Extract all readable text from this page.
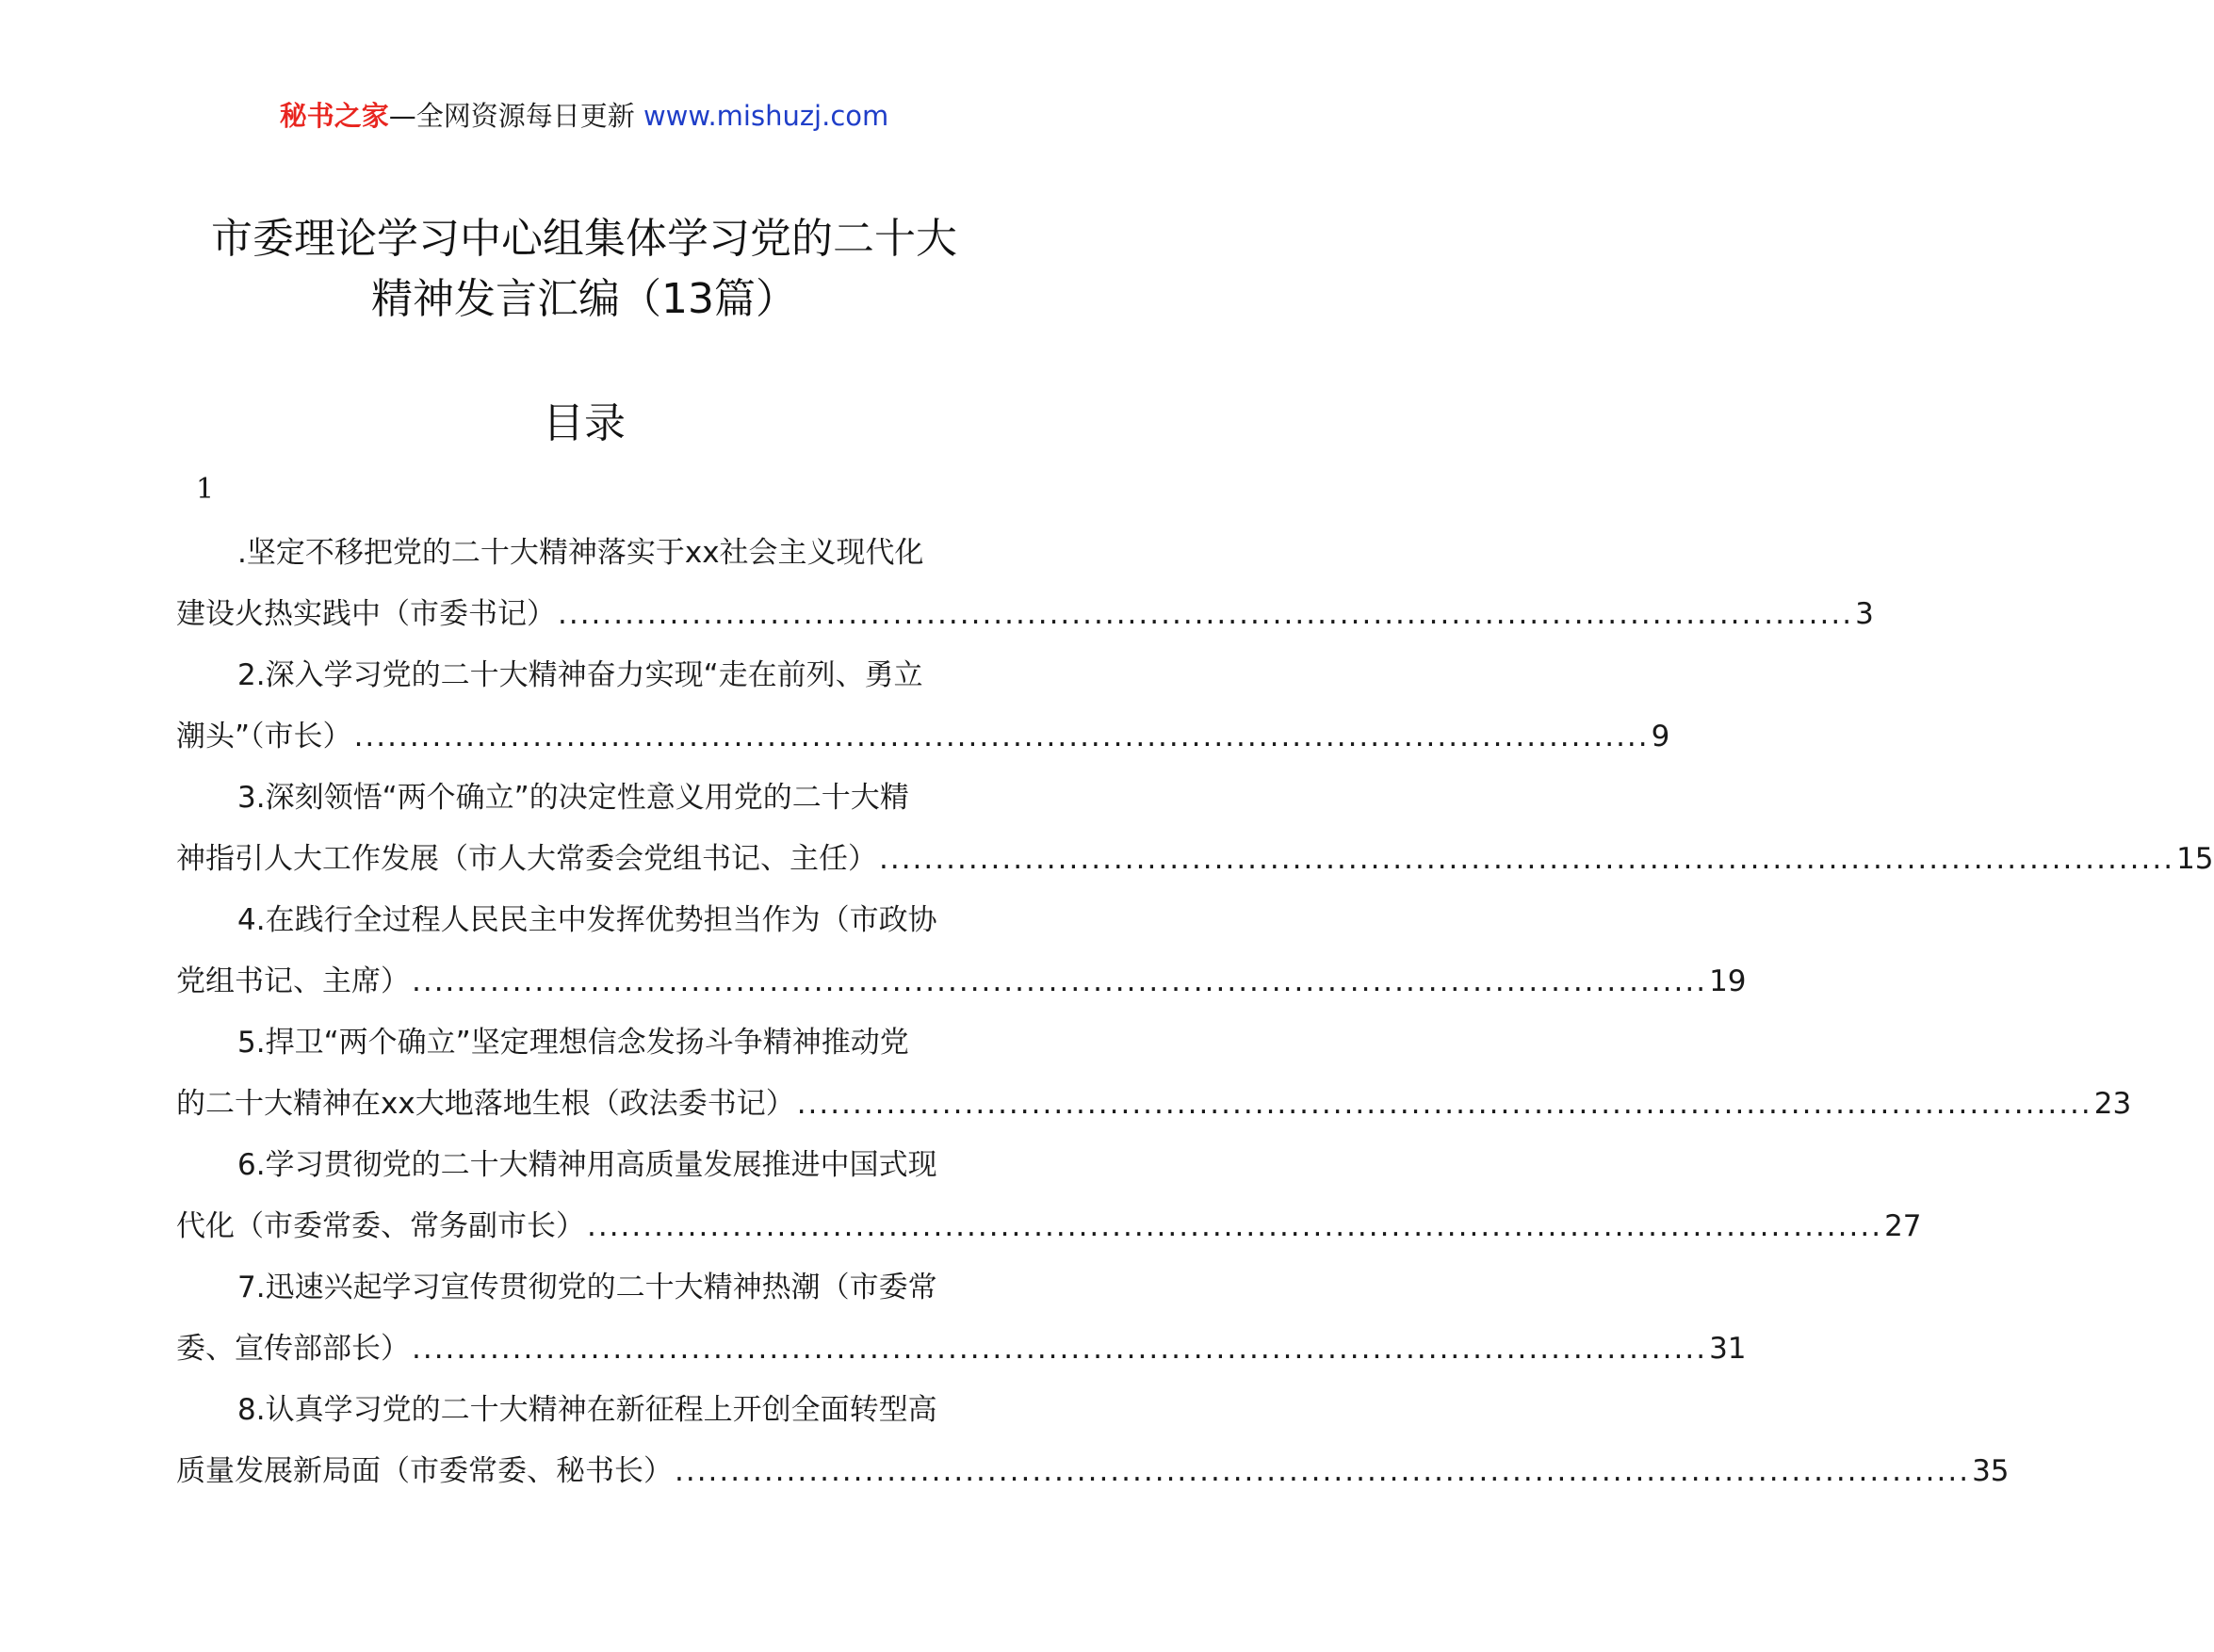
秘书之家—全网资源每日更新 www.mishuzj.com
市委理论学习中心组集体学习党的二十大
精神发言汇编（13篇）
目录
1
.坚定不移把党的二十大精神落实于xx社会主义现代化
建设火热实践中（市委书记） .................................................................................................................... 3
2.深入学习党的二十大精神奋力实现“走在前列、勇立
潮头”（市长） .................................................................................................................... 9
3.深刻领悟“两个确立”的决定性意义用党的二十大精
神指引人大工作发展（市人大常委会党组书记、主任） .................................................................................................................... 15
4.在践行全过程人民民主中发挥优势担当作为（市政协
党组书记、主席） .................................................................................................................... 19
5.捍卫“两个确立”坚定理想信念发扬斗争精神推动党
的二十大精神在xx大地落地生根（政法委书记） .................................................................................................................... 23
6.学习贯彻党的二十大精神用高质量发展推进中国式现
代化（市委常委、常务副市长） .................................................................................................................... 27
7.迅速兴起学习宣传贯彻党的二十大精神热潮（市委常
委、宣传部部长） .................................................................................................................... 31
8.认真学习党的二十大精神在新征程上开创全面转型高
质量发展新局面（市委常委、秘书长） .................................................................................................................... 35
